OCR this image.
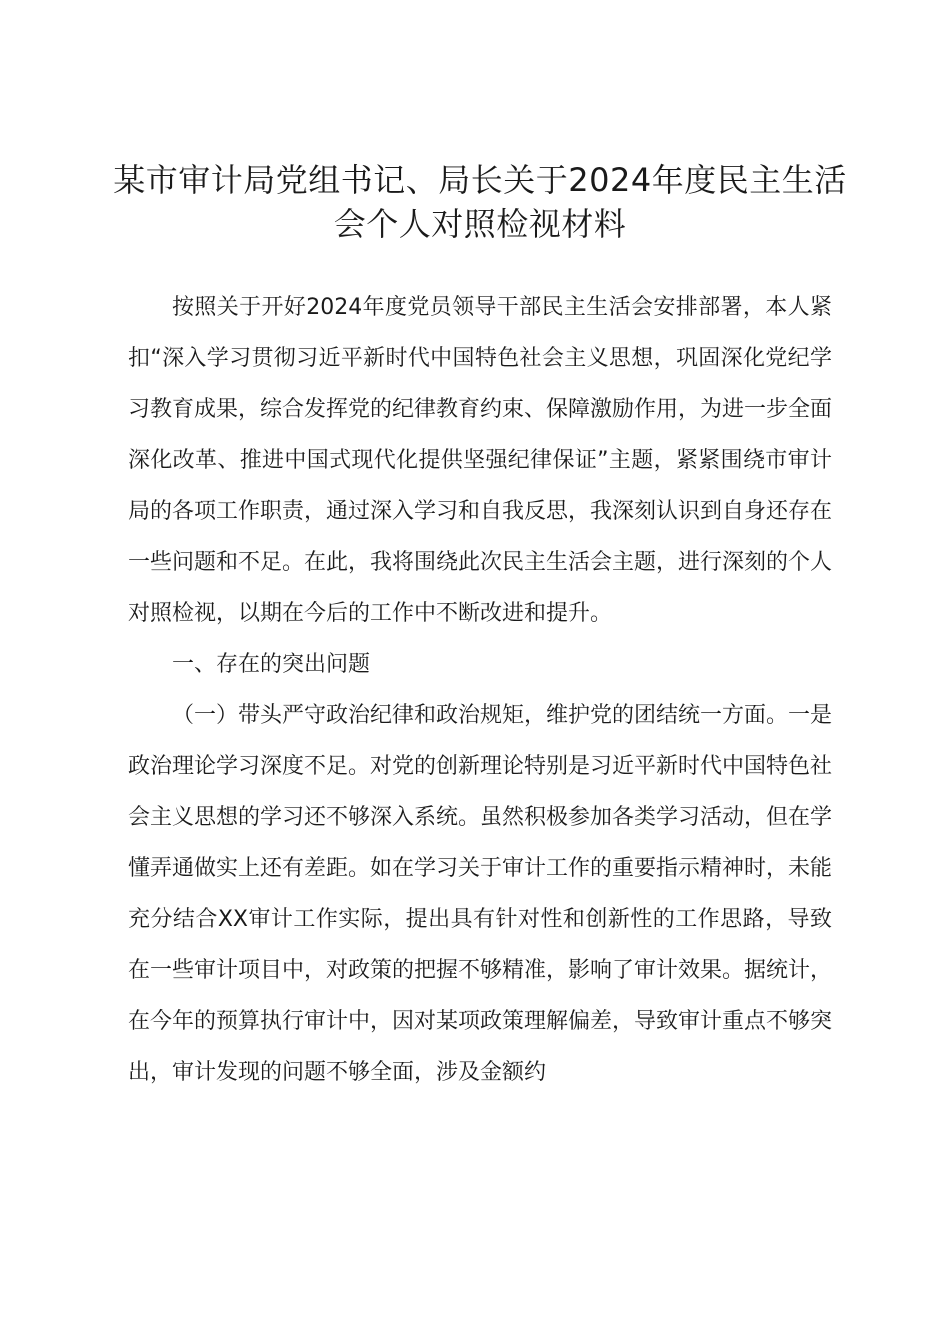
某市审计局党组书记、局长关于2024年度民主生活会个人对照检视材料

按照关于开好2024年度党员领导干部民主生活会安排部署，本人紧扣“深入学习贯彻习近平新时代中国特色社会主义思想，巩固深化党纪学习教育成果，综合发挥党的纪律教育约束、保障激励作用，为进一步全面深化改革、推进中国式现代化提供坚强纪律保证”主题，紧紧围绕市审计局的各项工作职责，通过深入学习和自我反思，我深刻认识到自身还存在一些问题和不足。在此，我将围绕此次民主生活会主题，进行深刻的个人对照检视，以期在今后的工作中不断改进和提升。

一、存在的突出问题

（一）带头严守政治纪律和政治规矩，维护党的团结统一方面。一是政治理论学习深度不足。对党的创新理论特别是习近平新时代中国特色社会主义思想的学习还不够深入系统。虽然积极参加各类学习活动，但在学懂弄通做实上还有差距。如在学习关于审计工作的重要指示精神时，未能充分结合XX审计工作实际，提出具有针对性和创新性的工作思路，导致在一些审计项目中，对政策的把握不够精准，影响了审计效果。据统计，在今年的预算执行审计中，因对某项政策理解偏差，导致审计重点不够突出，审计发现的问题不够全面，涉及金额约
